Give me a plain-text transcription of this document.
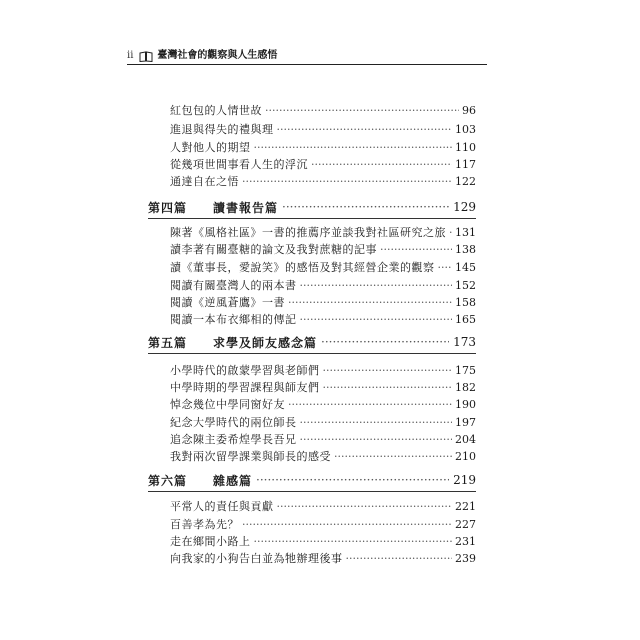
ii 臺灣社會的觀察與人生感悟
紅包包的人情世故 ·····	96
進退與得失的禮與理 ·····	103
人對他人的期望 ·····	110
從幾項世間事看人生的浮沉 ·····	117
通達自在之悟 ·····	122
第四篇 讀書報告篇 ·····	129
陳著《風格社區》一書的推薦序並談我對社區研究之旅 ····· 131
讀李著有關臺糖的論文及我對蔗糖的記事 ·····	138
讀《董事長，愛說笑》的感悟及對其經營企業的觀察 ····· 145
閱讀有關臺灣人的兩本書 ·····	152
閱讀《逆風蒼鷹》一書 ·····	158
閱讀一本布衣鄉相的傳記 ·····	165
第五篇 求學及師友感念篇 ·····	173
小學時代的啟蒙學習與老師們 ·····	175
中學時期的學習課程與師友們 ·····	182
悼念幾位中學同窗好友 ·····	190
紀念大學時代的兩位師長 ·····	197
追念陳主委希煌學長吾兄 ·····	204
我對兩次留學課業與師長的感受 ·····	210
第六篇 雜感篇 ·····	219
平常人的責任與貢獻 ·····	221
百善孝為先？ ·····	227
走在鄉間小路上 ·····	231
向我家的小狗告白並為牠辦理後事 ·····	239
